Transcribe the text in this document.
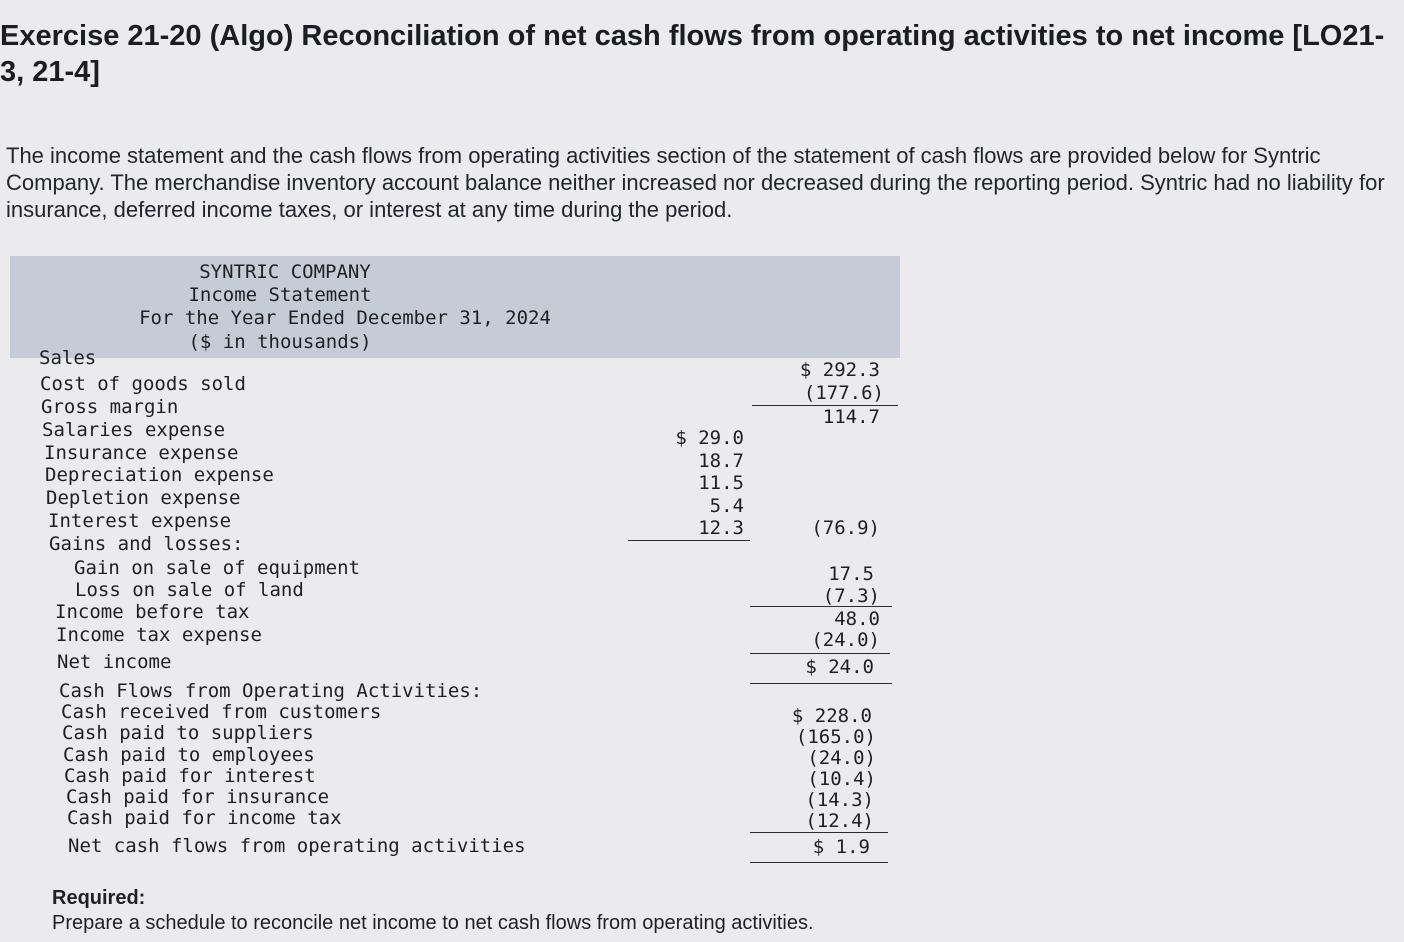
Exercise 21-20 (Algo) Reconciliation of net cash flows from operating activities to net income [LO21-3, 21-4]
The income statement and the cash flows from operating activities section of the statement of cash flows are provided below for Syntric Company. The merchandise inventory account balance neither increased nor decreased during the reporting period. Syntric had no liability for insurance, deferred income taxes, or interest at any time during the period.
SYNTRIC COMPANY
Income Statement
For the Year Ended December 31, 2024
($ in thousands)
Sales
Cost of goods sold
Gross margin
Salaries expense
Insurance expense
Depreciation expense
Depletion expense
Interest expense
Gains and losses:
Gain on sale of equipment
Loss on sale of land
Income before tax
Income tax expense
Net income
$ 29.0
18.7
11.5
5.4
12.3
$ 292.3
(177.6)
114.7
(76.9)
17.5
(7.3)
48.0
(24.0)
$ 24.0
Cash Flows from Operating Activities:
Cash received from customers
Cash paid to suppliers
Cash paid to employees
Cash paid for interest
Cash paid for insurance
Cash paid for income tax
Net cash flows from operating activities
$ 228.0
(165.0)
(24.0)
(10.4)
(14.3)
(12.4)
$ 1.9
Required:
Prepare a schedule to reconcile net income to net cash flows from operating activities.
